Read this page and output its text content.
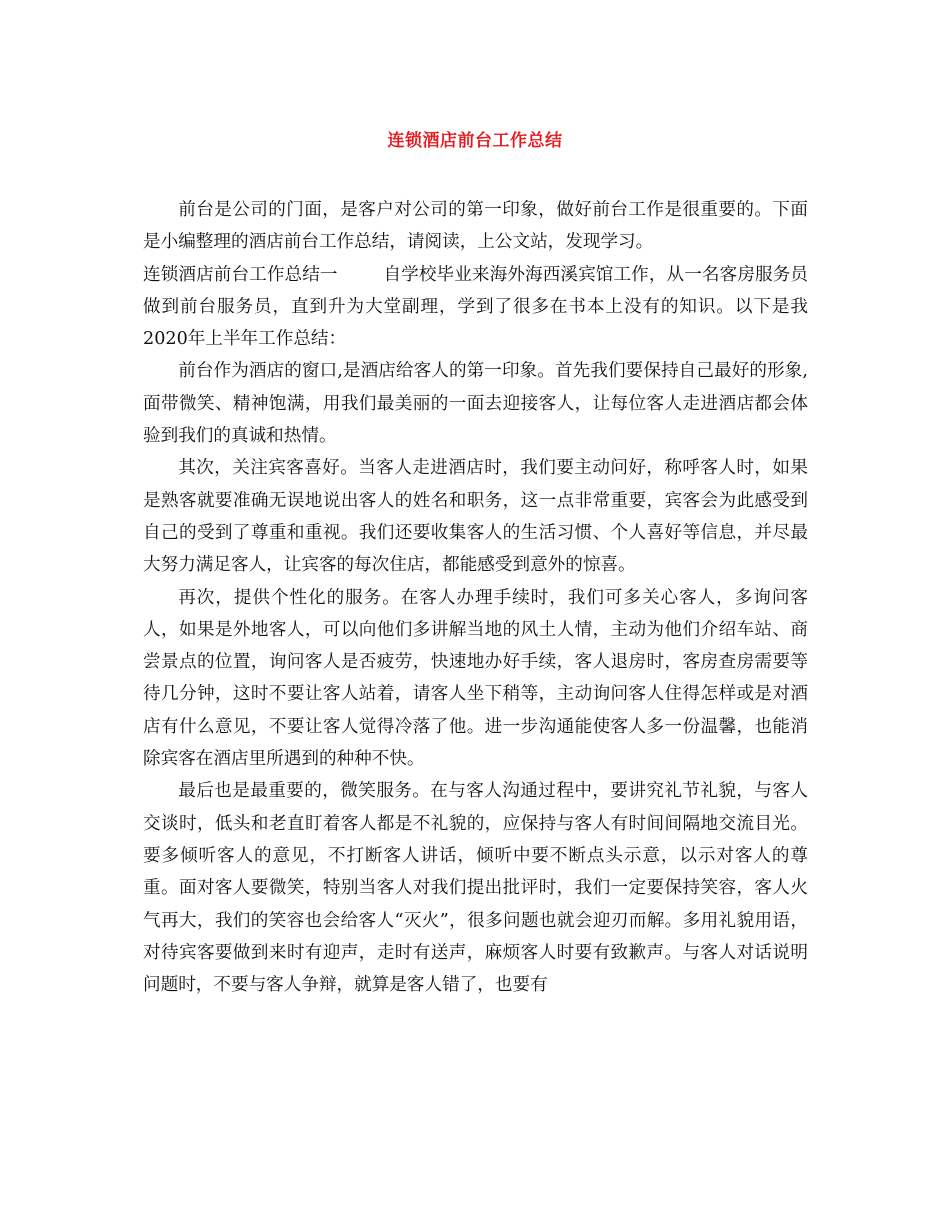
连锁酒店前台工作总结

前台是公司的门面，是客户对公司的第一印象，做好前台工作是很重要的。下面是小编整理的酒店前台工作总结，请阅读，上公文站，发现学习。

连锁酒店前台工作总结一	自学校毕业来海外海西溪宾馆工作，从一名客房服务员做到前台服务员，直到升为大堂副理，学到了很多在书本上没有的知识。以下是我2020年上半年工作总结：

前台作为酒店的窗口,是酒店给客人的第一印象。首先我们要保持自己最好的形象,面带微笑、精神饱满，用我们最美丽的一面去迎接客人，让每位客人走进酒店都会体验到我们的真诚和热情。

其次，关注宾客喜好。当客人走进酒店时，我们要主动问好，称呼客人时，如果是熟客就要准确无误地说出客人的姓名和职务，这一点非常重要，宾客会为此感受到自己的受到了尊重和重视。我们还要收集客人的生活习惯、个人喜好等信息，并尽最大努力满足客人，让宾客的每次住店，都能感受到意外的惊喜。

再次，提供个性化的服务。在客人办理手续时，我们可多关心客人，多询问客人，如果是外地客人，可以向他们多讲解当地的风土人情，主动为他们介绍车站、商尝景点的位置，询问客人是否疲劳，快速地办好手续，客人退房时，客房查房需要等待几分钟，这时不要让客人站着，请客人坐下稍等，主动询问客人住得怎样或是对酒店有什么意见，不要让客人觉得冷落了他。进一步沟通能使客人多一份温馨，也能消除宾客在酒店里所遇到的种种不快。

最后也是最重要的，微笑服务。在与客人沟通过程中，要讲究礼节礼貌，与客人交谈时，低头和老直盯着客人都是不礼貌的，应保持与客人有时间间隔地交流目光。要多倾听客人的意见，不打断客人讲话，倾听中要不断点头示意，以示对客人的尊重。面对客人要微笑，特别当客人对我们提出批评时，我们一定要保持笑容，客人火气再大，我们的笑容也会给客人“灭火”，很多问题也就会迎刃而解。多用礼貌用语，对待宾客要做到来时有迎声，走时有送声，麻烦客人时要有致歉声。与客人对话说明问题时，不要与客人争辩，就算是客人错了，也要有
